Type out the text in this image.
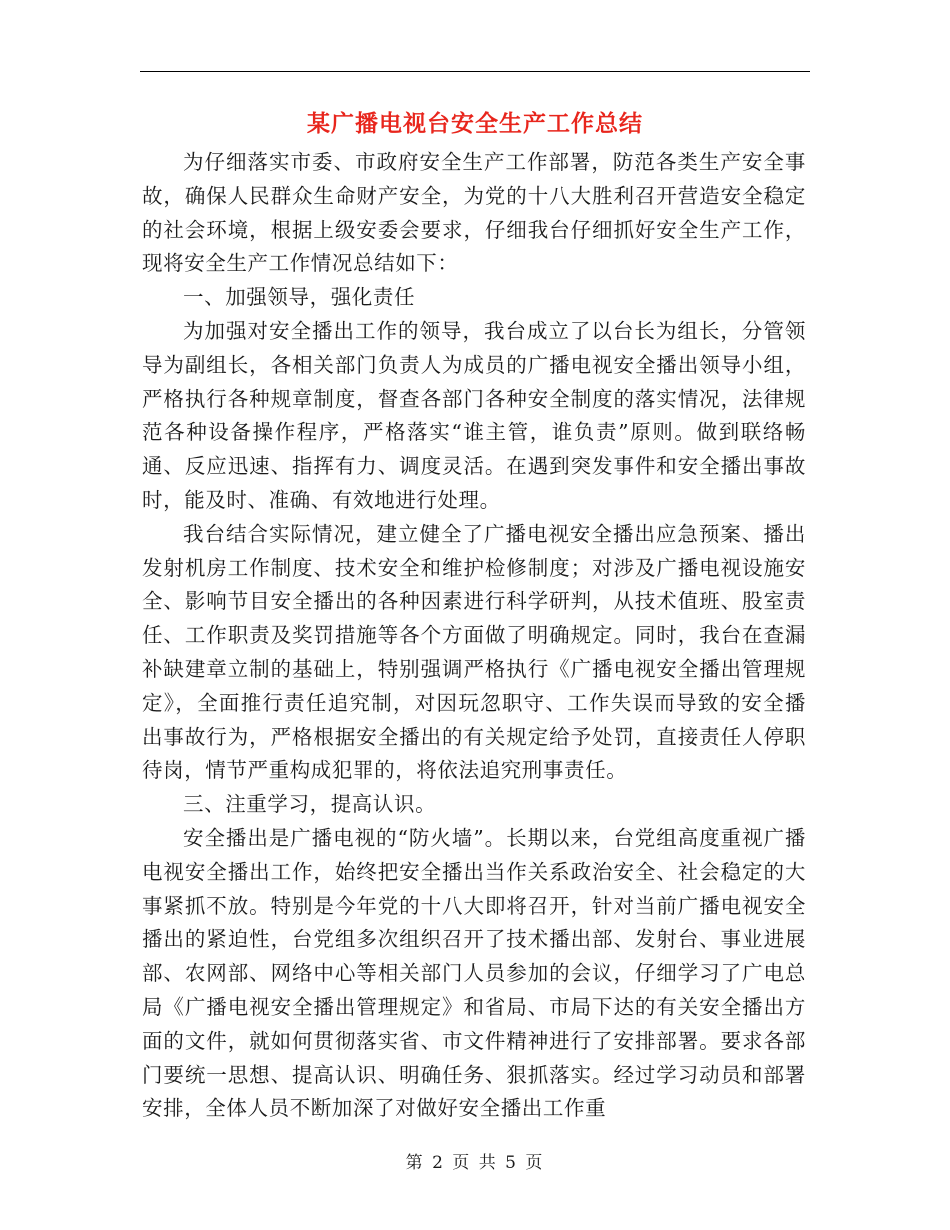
某广播电视台安全生产工作总结

为仔细落实市委、市政府安全生产工作部署，防范各类生产安全事故，确保人民群众生命财产安全，为党的十八大胜利召开营造安全稳定的社会环境，根据上级安委会要求，仔细我台仔细抓好安全生产工作，现将安全生产工作情况总结如下：

一、加强领导，强化责任

为加强对安全播出工作的领导，我台成立了以台长为组长，分管领导为副组长，各相关部门负责人为成员的广播电视安全播出领导小组，严格执行各种规章制度，督查各部门各种安全制度的落实情况，法律规范各种设备操作程序，严格落实“谁主管，谁负责”原则。做到联络畅通、反应迅速、指挥有力、调度灵活。在遇到突发事件和安全播出事故时，能及时、准确、有效地进行处理。

我台结合实际情况，建立健全了广播电视安全播出应急预案、播出发射机房工作制度、技术安全和维护检修制度；对涉及广播电视设施安全、影响节目安全播出的各种因素进行科学研判，从技术值班、股室责任、工作职责及奖罚措施等各个方面做了明确规定。同时，我台在查漏补缺建章立制的基础上，特别强调严格执行《广播电视安全播出管理规定》，全面推行责任追究制，对因玩忽职守、工作失误而导致的安全播出事故行为，严格根据安全播出的有关规定给予处罚，直接责任人停职待岗，情节严重构成犯罪的，将依法追究刑事责任。

三、注重学习，提高认识。

安全播出是广播电视的“防火墙”。长期以来，台党组高度重视广播电视安全播出工作，始终把安全播出当作关系政治安全、社会稳定的大事紧抓不放。特别是今年党的十八大即将召开，针对当前广播电视安全播出的紧迫性，台党组多次组织召开了技术播出部、发射台、事业进展部、农网部、网络中心等相关部门人员参加的会议，仔细学习了广电总局《广播电视安全播出管理规定》和省局、市局下达的有关安全播出方面的文件，就如何贯彻落实省、市文件精神进行了安排部署。要求各部门要统一思想、提高认识、明确任务、狠抓落实。经过学习动员和部署安排，全体人员不断加深了对做好安全播出工作重

第 2 页 共 5 页
